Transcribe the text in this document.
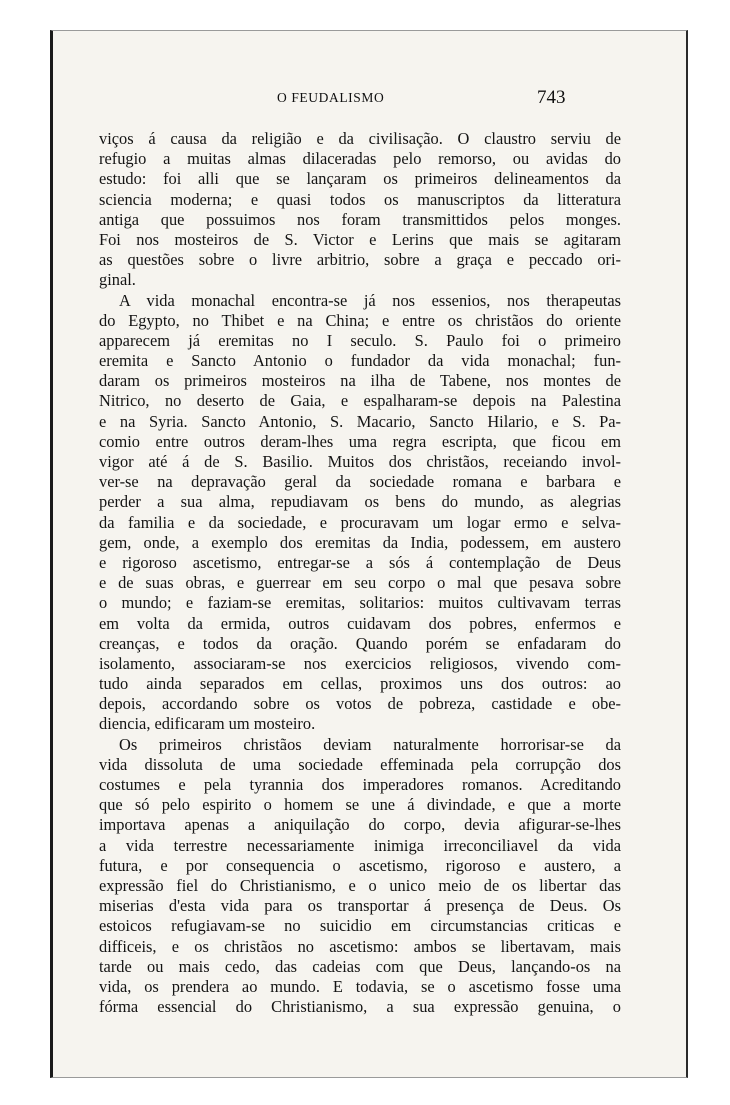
O FEUDALISMO	743
viços á causa da religião e da civilisação. O claustro serviu de
refugio a muitas almas dilaceradas pelo remorso, ou avidas do
estudo: foi alli que se lançaram os primeiros delineamentos da
sciencia moderna; e quasi todos os manuscriptos da litteratura
antiga que possuimos nos foram transmittidos pelos monges.
Foi nos mosteiros de S. Victor e Lerins que mais se agitaram
as questões sobre o livre arbitrio, sobre a graça e peccado ori-
ginal.
A vida monachal encontra-se já nos essenios, nos therapeutas
do Egypto, no Thibet e na China; e entre os christãos do oriente
apparecem já eremitas no I seculo. S. Paulo foi o primeiro
eremita e Sancto Antonio o fundador da vida monachal; fun-
daram os primeiros mosteiros na ilha de Tabene, nos montes de
Nitrico, no deserto de Gaia, e espalharam-se depois na Palestina
e na Syria. Sancto Antonio, S. Macario, Sancto Hilario, e S. Pa-
comio entre outros deram-lhes uma regra escripta, que ficou em
vigor até á de S. Basilio. Muitos dos christãos, receiando invol-
ver-se na depravação geral da sociedade romana e barbara e
perder a sua alma, repudiavam os bens do mundo, as alegrias
da familia e da sociedade, e procuravam um logar ermo e selva-
gem, onde, a exemplo dos eremitas da India, podessem, em austero
e rigoroso ascetismo, entregar-se a sós á contemplação de Deus
e de suas obras, e guerrear em seu corpo o mal que pesava sobre
o mundo; e faziam-se eremitas, solitarios: muitos cultivavam terras
em volta da ermida, outros cuidavam dos pobres, enfermos e
creanças, e todos da oração. Quando porém se enfadaram do
isolamento, associaram-se nos exercicios religiosos, vivendo com-
tudo ainda separados em cellas, proximos uns dos outros: ao
depois, accordando sobre os votos de pobreza, castidade e obe-
diencia, edificaram um mosteiro.
Os primeiros christãos deviam naturalmente horrorisar-se da
vida dissoluta de uma sociedade effeminada pela corrupção dos
costumes e pela tyrannia dos imperadores romanos. Acreditando
que só pelo espirito o homem se une á divindade, e que a morte
importava apenas a aniquilação do corpo, devia afigurar-se-lhes
a vida terrestre necessariamente inimiga irreconciliavel da vida
futura, e por consequencia o ascetismo, rigoroso e austero, a
expressão fiel do Christianismo, e o unico meio de os libertar das
miserias d'esta vida para os transportar á presença de Deus. Os
estoicos refugiavam-se no suicidio em circumstancias criticas e
difficeis, e os christãos no ascetismo: ambos se libertavam, mais
tarde ou mais cedo, das cadeias com que Deus, lançando-os na
vida, os prendera ao mundo. E todavia, se o ascetismo fosse uma
fórma essencial do Christianismo, a sua expressão genuina, o
